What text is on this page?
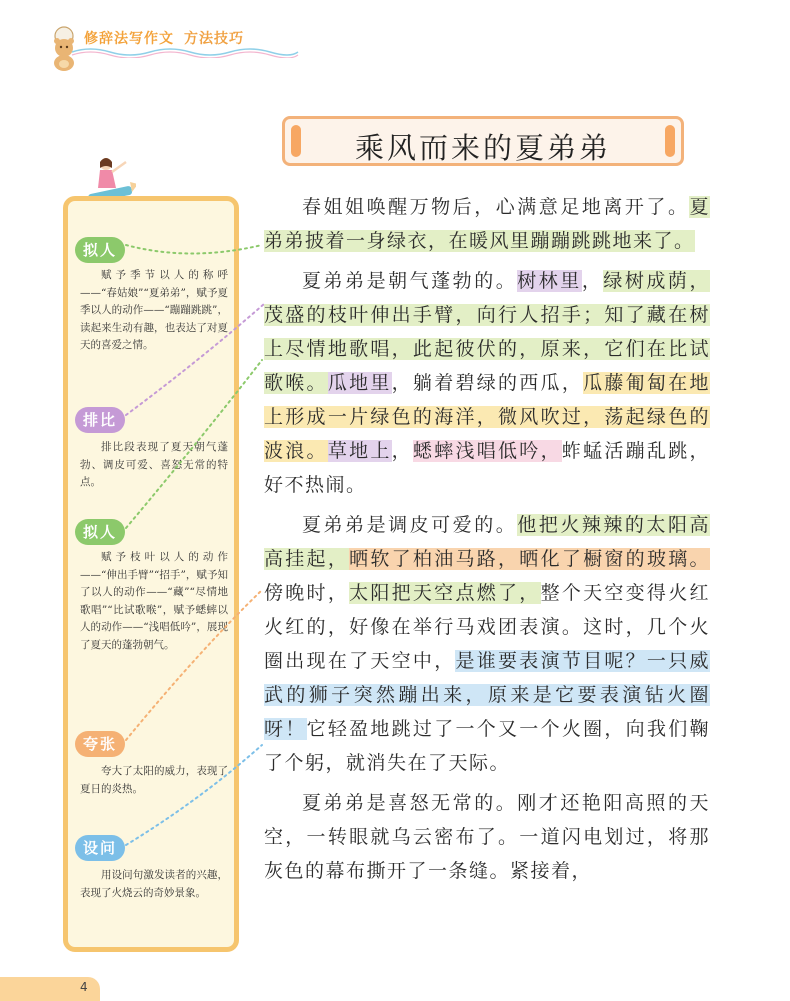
修辞法写作文 方法技巧
乘风而来的夏弟弟
拟人
赋予季节以人的称呼——“春姑娘”“夏弟弟”，赋予夏季以人的动作——“蹦蹦跳跳”，读起来生动有趣，也表达了对夏天的喜爱之情。
排比
排比段表现了夏天朝气蓬勃、调皮可爱、喜怒无常的特点。
拟人
赋予枝叶以人的动作——“伸出手臂”“招手”，赋予知了以人的动作——“藏”“尽情地歌唱”“比试歌喉”，赋予蟋蟀以人的动作——“浅唱低吟”，展现了夏天的蓬勃朝气。
夸张
夸大了太阳的威力，表现了夏日的炎热。
设问
用设问句激发读者的兴趣，表现了火烧云的奇妙景象。

春姐姐唤醒万物后，心满意足地离开了。夏弟弟披着一身绿衣，在暖风里蹦蹦跳跳地来了。

夏弟弟是朝气蓬勃的。树林里，绿树成荫，茂盛的枝叶伸出手臂，向行人招手；知了藏在树上尽情地歌唱，此起彼伏的，原来，它们在比试歌喉。瓜地里，躺着碧绿的西瓜，瓜藤匍匐在地上形成一片绿色的海洋，微风吹过，荡起绿色的波浪。草地上，蟋蟀浅唱低吟，蚱蜢活蹦乱跳，好不热闹。

夏弟弟是调皮可爱的。他把火辣辣的太阳高高挂起，晒软了柏油马路，晒化了橱窗的玻璃。傍晚时，太阳把天空点燃了，整个天空变得火红火红的，好像在举行马戏团表演。这时，几个火圈出现在了天空中，是谁要表演节目呢？一只威武的狮子突然蹦出来，原来是它要表演钻火圈呀！它轻盈地跳过了一个又一个火圈，向我们鞠了个躬，就消失在了天际。

夏弟弟是喜怒无常的。刚才还艳阳高照的天空，一转眼就乌云密布了。一道闪电划过，将那灰色的幕布撕开了一条缝。紧接着，

4
